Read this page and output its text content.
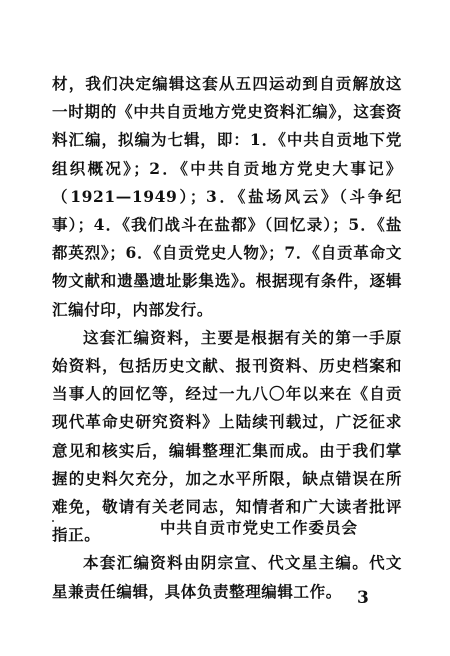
材，我们决定编辑这套从五四运动到自贡解放这一时期的《中共自贡地方党史资料汇编》，这套资料汇编，拟编为七辑，即：1．《中共自贡地下党组织概况》；2．《中共自贡地方党史大事记》（1921—1949）；3．《盐场风云》（斗争纪事）；4．《我们战斗在盐都》（回忆录）；5．《盐都英烈》；6．《自贡党史人物》；7．《自贡革命文物文献和遗墨遗址影集选》。根据现有条件，逐辑汇编付印，内部发行。

这套汇编资料，主要是根据有关的第一手原始资料，包括历史文献、报刊资料、历史档案和当事人的回忆等，经过一九八〇年以来在《自贡现代革命史研究资料》上陆续刊载过，广泛征求意见和核实后，编辑整理汇集而成。由于我们掌握的史料欠充分，加之水平所限，缺点错误在所难免，敬请有关老同志，知情者和广大读者批评指正。

本套汇编资料由阴宗宣、代文星主编。代文星兼责任编辑，具体负责整理编辑工作。

中共自贡市党史工作委员会

3
